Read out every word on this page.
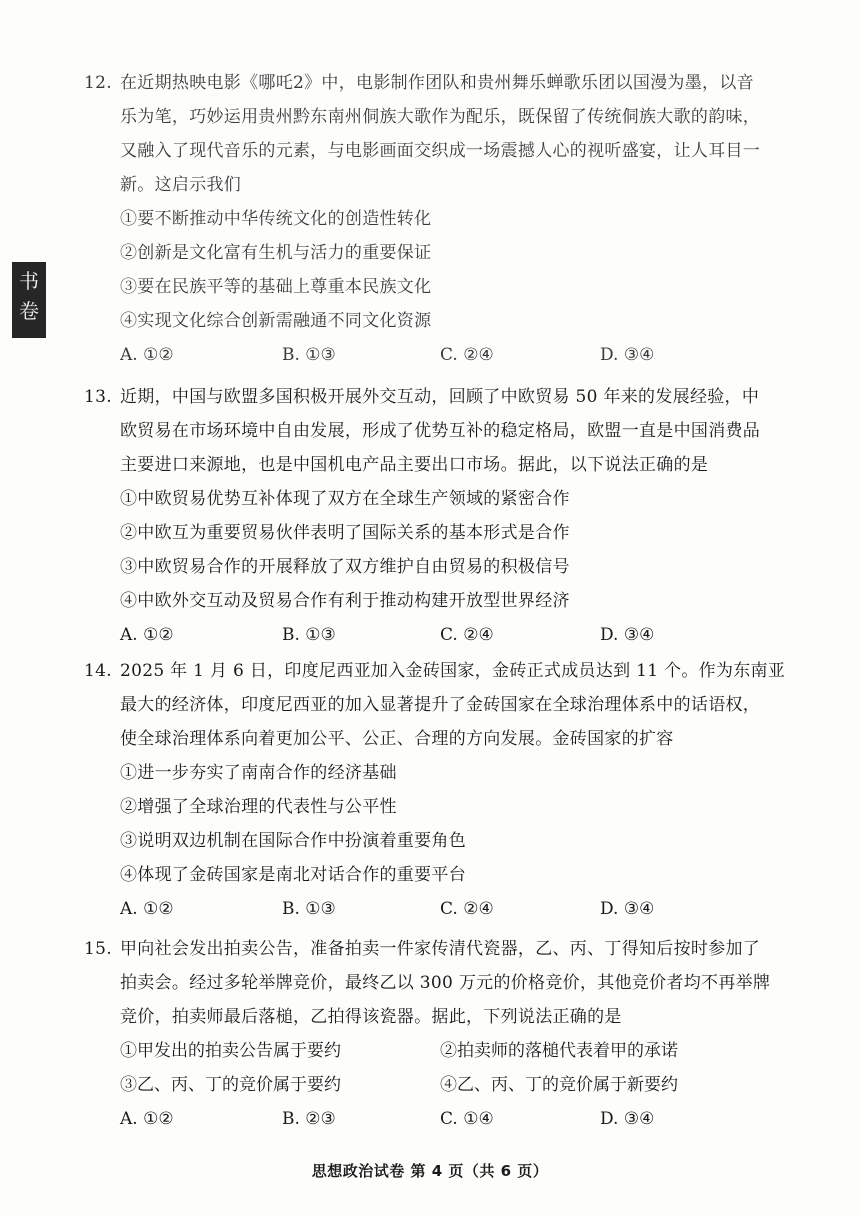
书
卷
12. 在近期热映电影《哪吒2》中，电影制作团队和贵州舞乐蝉歌乐团以国漫为墨，以音
乐为笔，巧妙运用贵州黔东南州侗族大歌作为配乐，既保留了传统侗族大歌的韵味，
又融入了现代音乐的元素，与电影画面交织成一场震撼人心的视听盛宴，让人耳目一
新。这启示我们
①要不断推动中华传统文化的创造性转化
②创新是文化富有生机与活力的重要保证
③要在民族平等的基础上尊重本民族文化
④实现文化综合创新需融通不同文化资源
A. ①②	B. ①③	C. ②④	D. ③④
13. 近期，中国与欧盟多国积极开展外交互动，回顾了中欧贸易 50 年来的发展经验，中
欧贸易在市场环境中自由发展，形成了优势互补的稳定格局，欧盟一直是中国消费品
主要进口来源地，也是中国机电产品主要出口市场。据此，以下说法正确的是
①中欧贸易优势互补体现了双方在全球生产领域的紧密合作
②中欧互为重要贸易伙伴表明了国际关系的基本形式是合作
③中欧贸易合作的开展释放了双方维护自由贸易的积极信号
④中欧外交互动及贸易合作有利于推动构建开放型世界经济
A. ①②	B. ①③	C. ②④	D. ③④
14. 2025 年 1 月 6 日，印度尼西亚加入金砖国家，金砖正式成员达到 11 个。作为东南亚
最大的经济体，印度尼西亚的加入显著提升了金砖国家在全球治理体系中的话语权，
使全球治理体系向着更加公平、公正、合理的方向发展。金砖国家的扩容
①进一步夯实了南南合作的经济基础
②增强了全球治理的代表性与公平性
③说明双边机制在国际合作中扮演着重要角色
④体现了金砖国家是南北对话合作的重要平台
A. ①②	B. ①③	C. ②④	D. ③④
15. 甲向社会发出拍卖公告，准备拍卖一件家传清代瓷器，乙、丙、丁得知后按时参加了
拍卖会。经过多轮举牌竞价，最终乙以 300 万元的价格竞价，其他竞价者均不再举牌
竞价，拍卖师最后落槌，乙拍得该瓷器。据此，下列说法正确的是
①甲发出的拍卖公告属于要约	②拍卖师的落槌代表着甲的承诺
③乙、丙、丁的竞价属于要约	④乙、丙、丁的竞价属于新要约
A. ①②	B. ②③	C. ①④	D. ③④
思想政治试卷 第 4 页（共 6 页）
